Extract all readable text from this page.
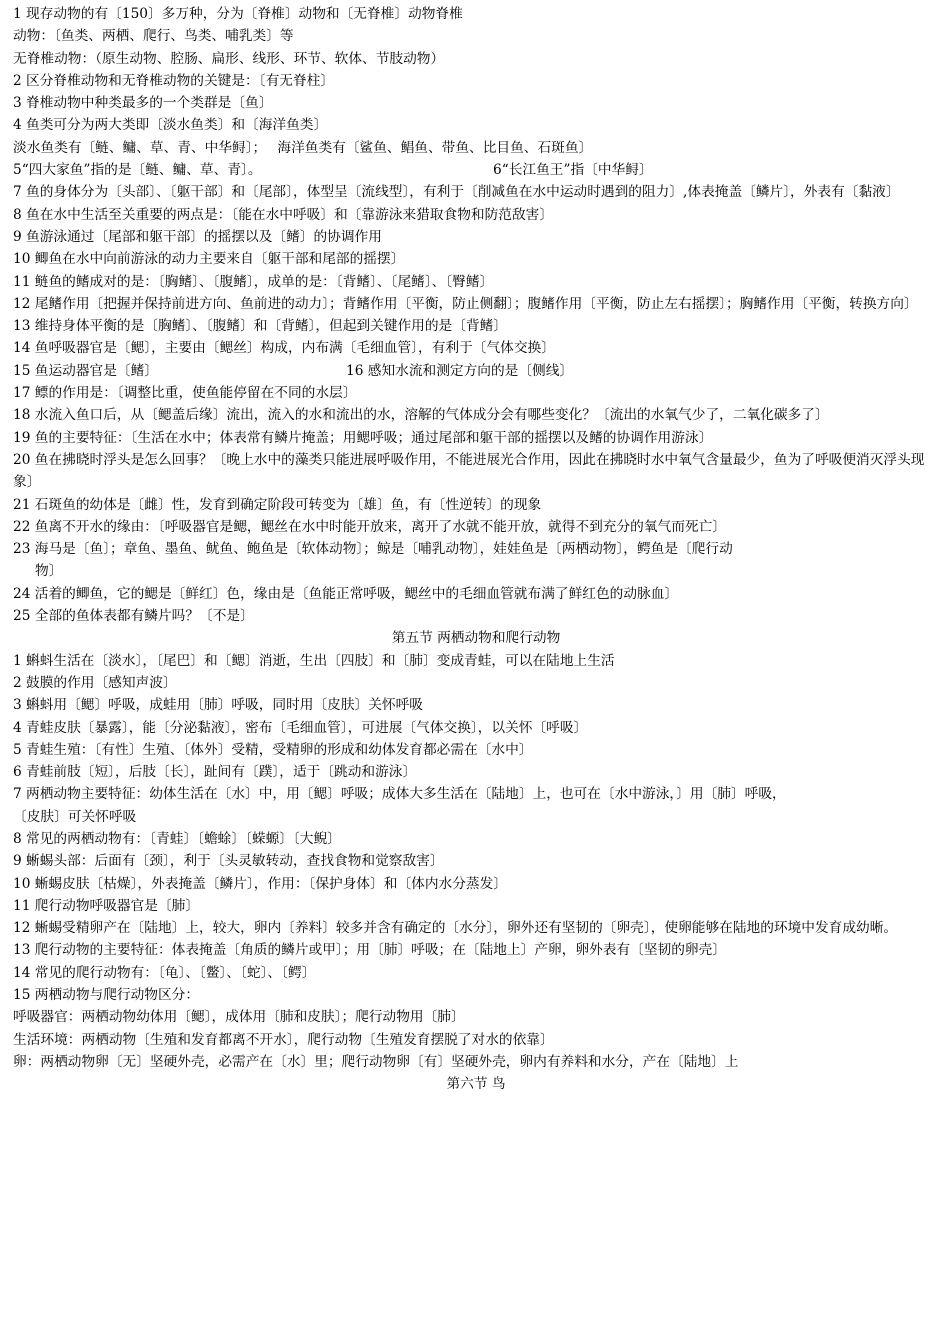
1 现存动物的有〔150〕多万种，分为〔脊椎〕动物和〔无脊椎〕动物脊椎
动物：〔鱼类、两栖、爬行、鸟类、哺乳类〕等
无脊椎动物：（原生动物、腔肠、扁形、线形、环节、软体、节肢动物）
2 区分脊椎动物和无脊椎动物的关键是：〔有无脊柱〕
3 脊椎动物中种类最多的一个类群是〔鱼〕
4 鱼类可分为两大类即〔淡水鱼类〕和〔海洋鱼类〕
淡水鱼类有〔鲢、鳙、草、青、中华鲟〕；　 海洋鱼类有〔鲨鱼、鲳鱼、带鱼、比目鱼、石斑鱼〕
5“四大家鱼”指的是〔鲢、鳙、草、青〕。	6“长江鱼王”指〔中华鲟〕
7 鱼的身体分为〔头部〕、〔躯干部〕和〔尾部〕，体型呈〔流线型〕，有利于〔削减鱼在水中运动时遇到的阻力〕,体表掩盖〔鳞片〕，外表有〔黏液〕
8 鱼在水中生活至关重要的两点是：〔能在水中呼吸〕和〔靠游泳来猎取食物和防范敌害〕
9 鱼游泳通过〔尾部和躯干部〕的摇摆以及〔鳍〕的协调作用
10 鲫鱼在水中向前游泳的动力主要来自〔躯干部和尾部的摇摆〕
11 鲢鱼的鳍成对的是：〔胸鳍〕、〔腹鳍〕，成单的是：〔背鳍〕、〔尾鳍〕、〔臀鳍〕
12 尾鳍作用〔把握并保持前进方向、鱼前进的动力〕；背鳍作用〔平衡，防止侧翻〕；腹鳍作用〔平衡，防止左右摇摆〕；胸鳍作用〔平衡，转换方向〕
13 维持身体平衡的是〔胸鳍〕、〔腹鳍〕和〔背鳍〕，但起到关键作用的是〔背鳍〕
14 鱼呼吸器官是〔鳃〕，主要由〔鳃丝〕构成，内布满〔毛细血管〕，有利于〔气体交换〕
15 鱼运动器官是〔鳍〕	16 感知水流和测定方向的是〔侧线〕
17 鳔的作用是：〔调整比重，使鱼能停留在不同的水层〕
18 水流入鱼口后，从〔鳃盖后缘〕流出，流入的水和流出的水，溶解的气体成分会有哪些变化？〔流出的水氧气少了，二氧化碳多了〕
19 鱼的主要特征：〔生活在水中；体表常有鳞片掩盖；用鳃呼吸；通过尾部和躯干部的摇摆以及鳍的协调作用游泳〕
20 鱼在拂晓时浮头是怎么回事？〔晚上水中的藻类只能进展呼吸作用，不能进展光合作用，因此在拂晓时水中氧气含量最少，鱼为了呼吸便消灭浮头现象〕
21 石斑鱼的幼体是〔雌〕性，发育到确定阶段可转变为〔雄〕鱼，有〔性逆转〕的现象
22 鱼离不开水的缘由：〔呼吸器官是鳃，鳃丝在水中时能开放来，离开了水就不能开放，就得不到充分的氧气而死亡〕
23 海马是〔鱼〕；章鱼、墨鱼、鱿鱼、鲍鱼是〔软体动物〕；鲸是〔哺乳动物〕，娃娃鱼是〔两栖动物〕，鳄鱼是〔爬行动
物〕
24 活着的鲫鱼，它的鳃是〔鲜红〕色，缘由是〔鱼能正常呼吸，鳃丝中的毛细血管就布满了鲜红色的动脉血〕
25 全部的鱼体表都有鳞片吗？〔不是〕
第五节 两栖动物和爬行动物
1 蝌蚪生活在〔淡水〕，〔尾巴〕和〔鳃〕消逝，生出〔四肢〕和〔肺〕变成青蛙，可以在陆地上生活
2 鼓膜的作用〔感知声波〕
3 蝌蚪用〔鳃〕呼吸，成蛙用〔肺〕呼吸，同时用〔皮肤〕关怀呼吸
4 青蛙皮肤〔暴露〕，能〔分泌黏液〕，密布〔毛细血管〕，可进展〔气体交换〕，以关怀〔呼吸〕
5 青蛙生殖：〔有性〕生殖、〔体外〕受精，受精卵的形成和幼体发育都必需在〔水中〕
6 青蛙前肢〔短〕，后肢〔长〕，趾间有〔蹼〕，适于〔跳动和游泳〕
7 两栖动物主要特征：幼体生活在〔水〕中，用〔鳃〕呼吸；成体大多生活在〔陆地〕上，也可在〔水中游泳，〕用〔肺〕呼吸，
〔皮肤〕可关怀呼吸
8 常见的两栖动物有：〔青蛙〕〔蟾蜍〕〔蝾螈〕〔大鲵〕
9 蜥蜴头部：后面有〔颈〕，利于〔头灵敏转动，查找食物和觉察敌害〕
10 蜥蜴皮肤〔枯燥〕，外表掩盖〔鳞片〕，作用：〔保护身体〕和〔体内水分蒸发〕
11 爬行动物呼吸器官是〔肺〕
12 蜥蜴受精卵产在〔陆地〕上，较大，卵内〔养料〕较多并含有确定的〔水分〕，卵外还有坚韧的〔卵壳〕，使卵能够在陆地的环境中发育成幼晰。
13 爬行动物的主要特征：体表掩盖〔角质的鳞片或甲〕；用〔肺〕呼吸；在〔陆地上〕产卵，卵外表有〔坚韧的卵壳〕
14 常见的爬行动物有：〔龟〕、〔鳖〕、〔蛇〕、〔鳄〕
15 两栖动物与爬行动物区分：
呼吸器官：两栖动物幼体用〔鳃〕，成体用〔肺和皮肤〕；爬行动物用〔肺〕
生活环境：两栖动物〔生殖和发育都离不开水〕，爬行动物〔生殖发育摆脱了对水的依靠〕
卵：两栖动物卵〔无〕坚硬外壳，必需产在〔水〕里；爬行动物卵〔有〕坚硬外壳，卵内有养料和水分，产在〔陆地〕上
第六节 鸟
